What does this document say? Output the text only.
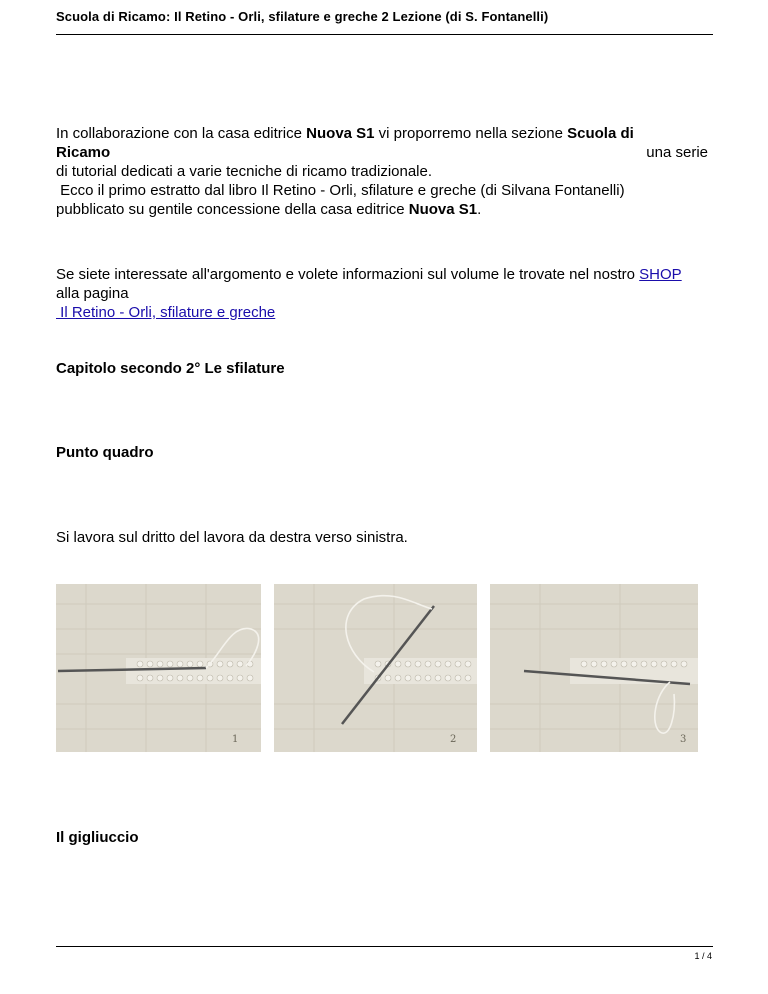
Scuola di Ricamo: Il Retino - Orli, sfilature e greche 2 Lezione (di S. Fontanelli)
In collaborazione con la casa editrice Nuova S1 vi proporremo nella sezione Scuola di
Ricamo	una serie
di tutorial dedicati a varie tecniche di ricamo tradizionale.
Ecco il primo estratto dal libro Il Retino - Orli, sfilature e greche (di Silvana Fontanelli)
pubblicato su gentile concessione della casa editrice Nuova S1.
Se siete interessate all'argomento e volete informazioni sul volume le trovate nel nostro SHOP
alla pagina
Il Retino - Orli, sfilature e greche
Capitolo secondo 2° Le sfilature
Punto quadro
Si lavora sul dritto del lavora da destra verso sinistra.
1	2	3
Il gigliuccio
1 / 4
